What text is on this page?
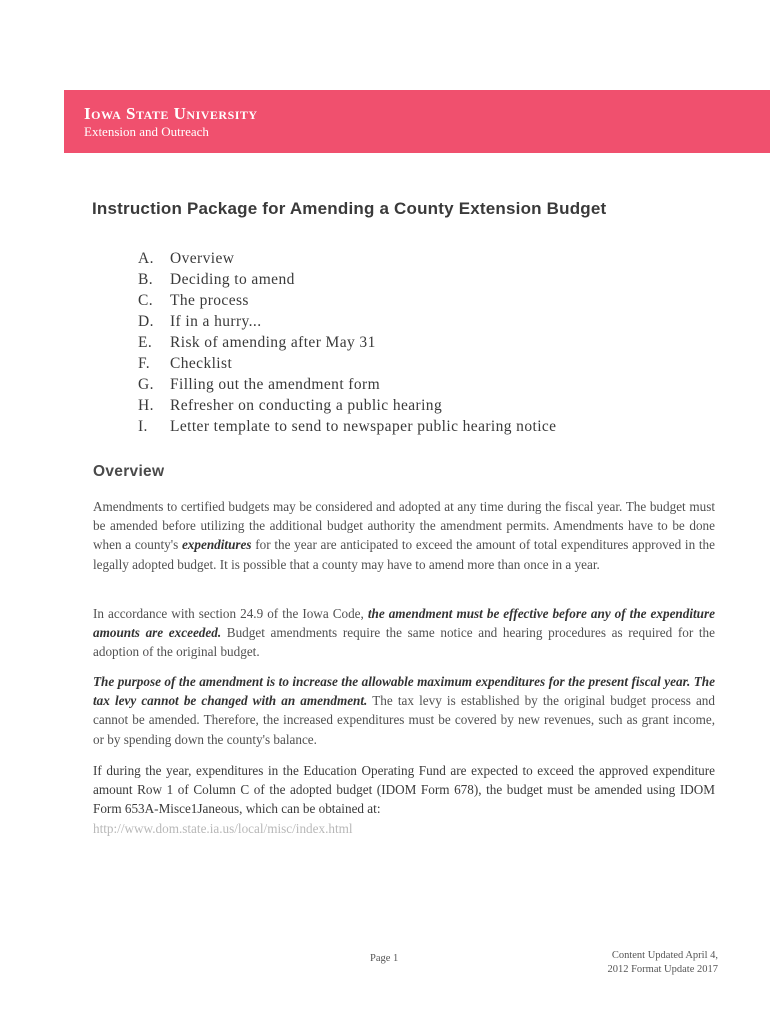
Iowa State University
Extension and Outreach
Instruction Package for Amending a County Extension Budget
A. Overview
B. Deciding to amend
C. The process
D. If in a hurry...
E. Risk of amending after May 31
F. Checklist
G. Filling out the amendment form
H. Refresher on conducting a public hearing
I. Letter template to send to newspaper public hearing notice
Overview

Amendments to certified budgets may be considered and adopted at any time during the fiscal year. The budget must be amended before utilizing the additional budget authority the amendment permits. Amendments have to be done when a county's expenditures for the year are anticipated to exceed the amount of total expenditures approved in the legally adopted budget. It is possible that a county may have to amend more than once in a year.

In accordance with section 24.9 of the Iowa Code, the amendment must be effective before any of the expenditure amounts are exceeded. Budget amendments require the same notice and hearing procedures as required for the adoption of the original budget.

The purpose of the amendment is to increase the allowable maximum expenditures for the present fiscal year. The tax levy cannot be changed with an amendment. The tax levy is established by the original budget process and cannot be amended. Therefore, the increased expenditures must be covered by new revenues, such as grant income, or by spending down the county's balance.

If during the year, expenditures in the Education Operating Fund are expected to exceed the approved expenditure amount Row 1 of Column C of the adopted budget (IDOM Form 678), the budget must be amended using IDOM Form 653A-Misce1Janeous, which can be obtained at:
http://www.dom.state.ia.us/local/misc/index.html

Page 1	Content Updated April 4,
2012 Format Update 2017
